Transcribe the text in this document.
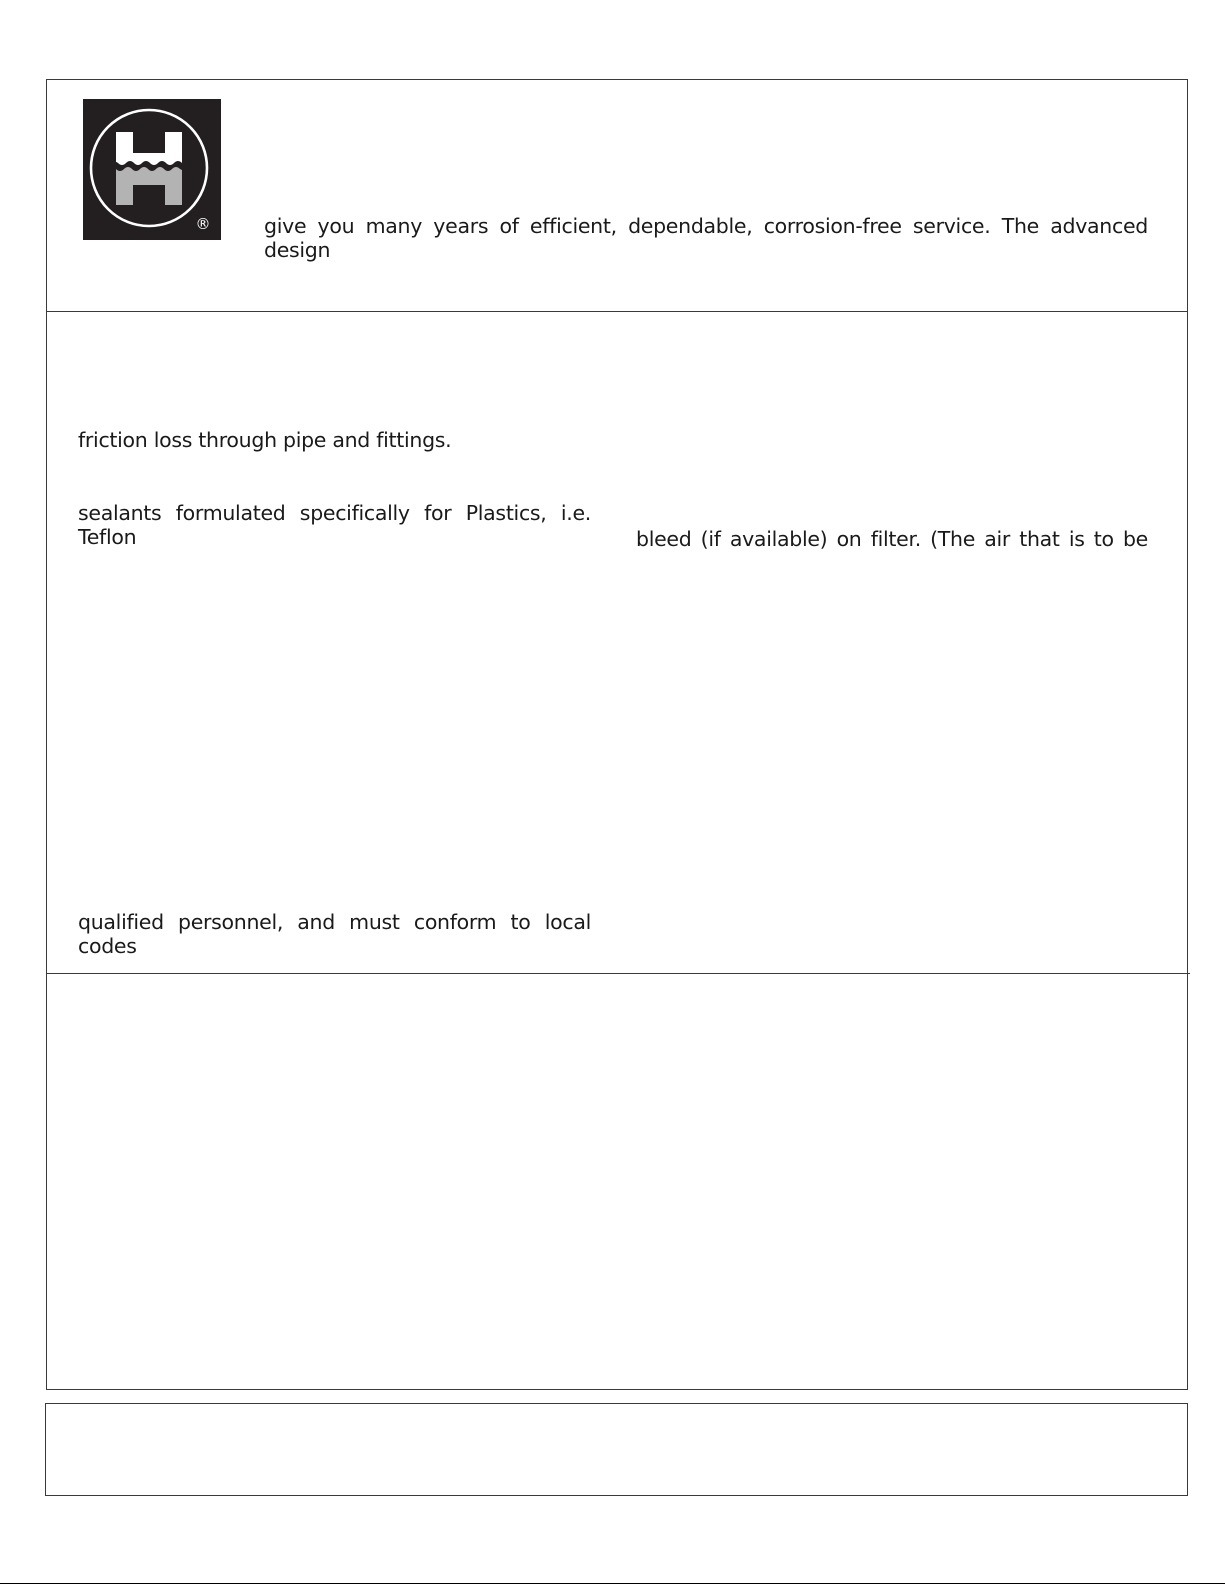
®	give you many years of efficient, dependable, corrosion-free service. The advanced design
friction loss through pipe and fittings.
sealants formulated specifically for Plastics, i.e. Teflon	bleed (if available) on filter. (The air that is to be
qualified personnel, and must conform to local codes
